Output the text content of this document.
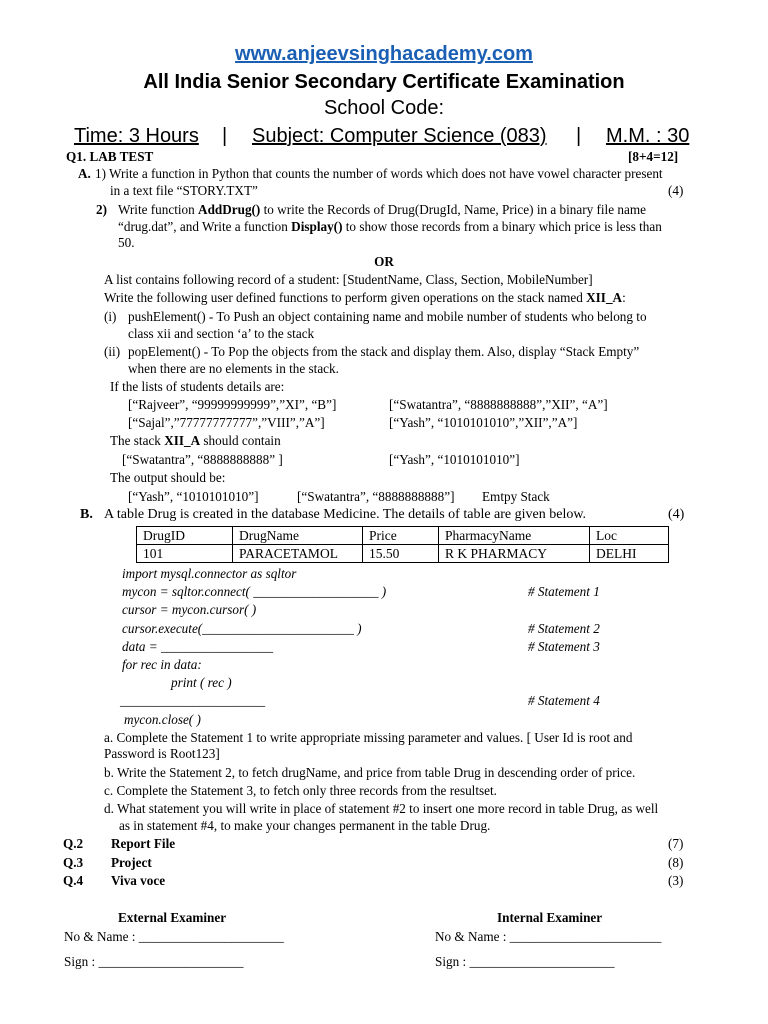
www.anjeevsinghacademy.com
All India Senior Secondary Certificate Examination
School Code:
Time: 3 Hours | Subject: Computer Science (083) | M.M. : 30
Q1. LAB TEST	[8+4=12]
A. 1) Write a function in Python that counts the number of words which does not have vowel character present
in a text file “STORY.TXT”	(4)
2) Write function AddDrug() to write the Records of Drug(DrugId, Name, Price) in a binary file name
“drug.dat”, and Write a function Display() to show those records from a binary which price is less than
50.
OR
A list contains following record of a student: [StudentName, Class, Section, MobileNumber]
Write the following user defined functions to perform given operations on the stack named XII_A:
(i) pushElement() - To Push an object containing name and mobile number of students who belong to
class xii and section ‘a’ to the stack
(ii) popElement() - To Pop the objects from the stack and display them. Also, display “Stack Empty”
when there are no elements in the stack.
If the lists of students details are:
[“Rajveer”, “99999999999”,”XI”, “B”]	[“Swatantra”, “8888888888”,”XII”, “A”]
[“Sajal”,”77777777777”,”VIII”,”A”]	[“Yash”, “1010101010”,”XII”,”A”]
The stack XII_A should contain
[“Swatantra”, “8888888888” ]	[“Yash”, “1010101010”]
The output should be:
[“Yash”, “1010101010”]	[“Swatantra”, “8888888888”] Emtpy Stack
B. A table Drug is created in the database Medicine. The details of table are given below.	(4)
DrugID	DrugName	Price	PharmacyName	Loc
101	PARACETAMOL	15.50	R K PHARMACY	DELHI
import mysql.connector as sqltor
mycon = sqltor.connect( ___________________ )	# Statement 1
cursor = mycon.cursor( )
cursor.execute(_______________________ )	# Statement 2
data = _________________	# Statement 3
for rec in data:
print ( rec )
______________________	# Statement 4
mycon.close( )
a. Complete the Statement 1 to write appropriate missing parameter and values. [ User Id is root and
Password is Root123]
b. Write the Statement 2, to fetch drugName, and price from table Drug in descending order of price.
c. Complete the Statement 3, to fetch only three records from the resultset.
d. What statement you will write in place of statement #2 to insert one more record in table Drug, as well
as in statement #4, to make your changes permanent in the table Drug.
Q.2 Report File	(7)
Q.3 Project	(8)
Q.4 Viva voce	(3)
External Examiner	Internal Examiner
No & Name : ______________________	No & Name : _______________________
Sign : ______________________	Sign : ______________________
